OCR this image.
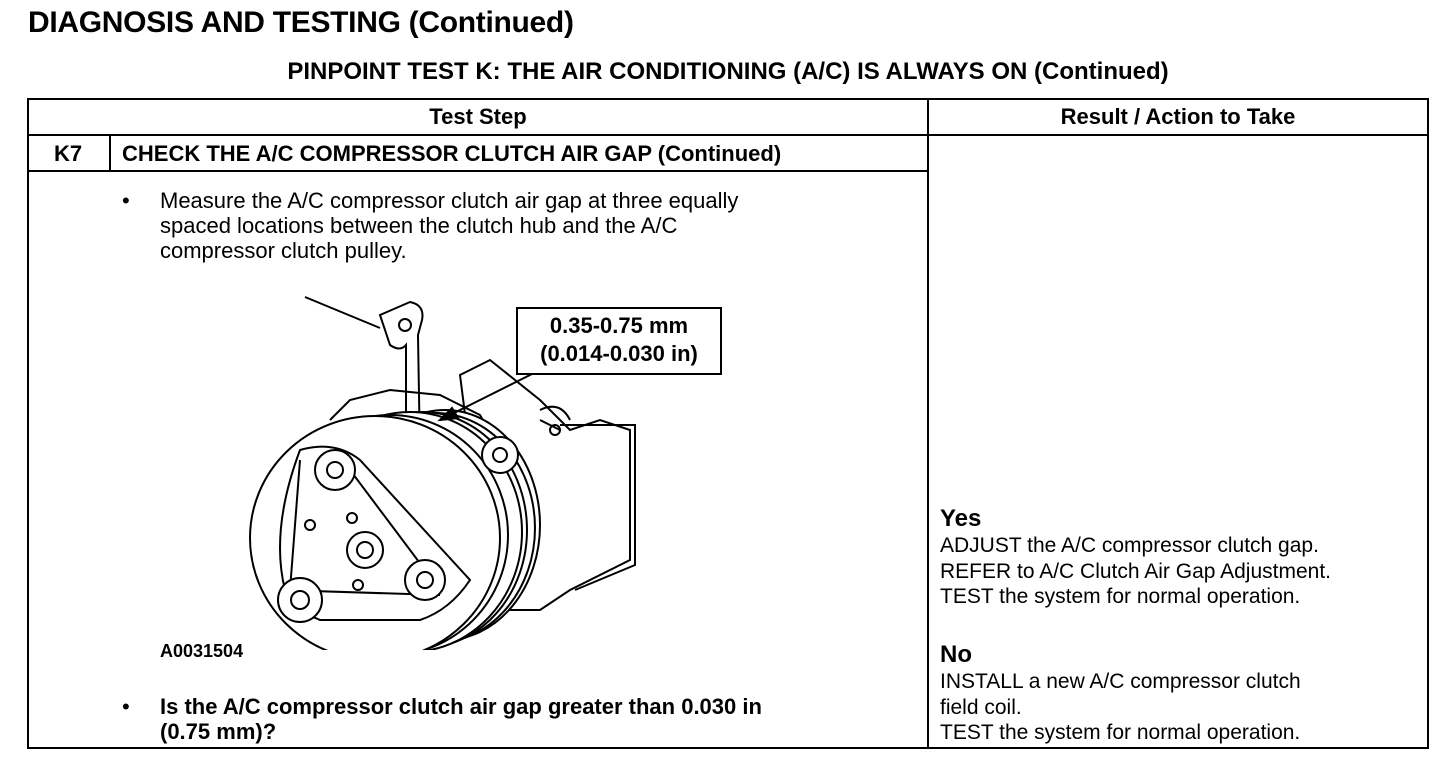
DIAGNOSIS AND TESTING (Continued)
PINPOINT TEST K: THE AIR CONDITIONING (A/C) IS ALWAYS ON (Continued)
Test Step	Result / Action to Take
K7	CHECK THE A/C COMPRESSOR CLUTCH AIR GAP (Continued)
• Measure the A/C compressor clutch air gap at three equally
spaced locations between the clutch hub and the A/C
compressor clutch pulley.
0.35-0.75 mm
(0.014-0.030 in)
A0031504
• Is the A/C compressor clutch air gap greater than 0.030 in
(0.75 mm)?
Yes
ADJUST the A/C compressor clutch gap.
REFER to A/C Clutch Air Gap Adjustment.
TEST the system for normal operation.
No
INSTALL a new A/C compressor clutch
field coil.
TEST the system for normal operation.
